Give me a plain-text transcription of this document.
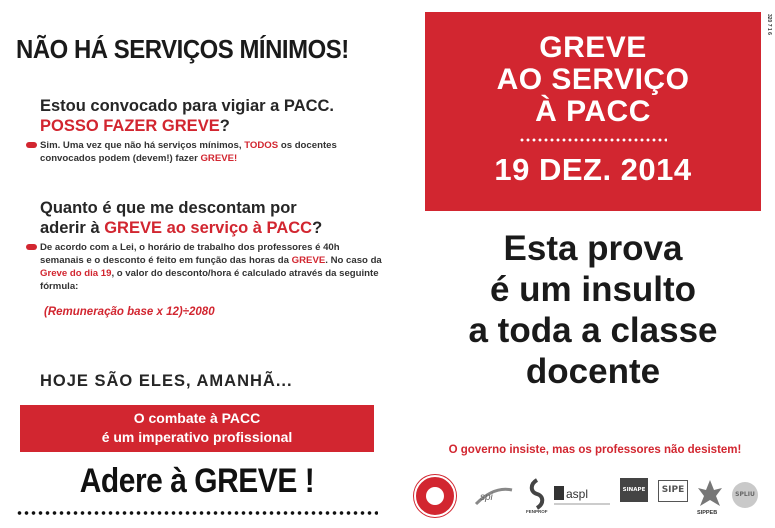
NÃO HÁ SERVIÇOS MÍNIMOS!
Estou convocado para vigiar a PACC.
POSSO FAZER GREVE?
Sim. Uma vez que não há serviços mínimos, TODOS os docentes convocados podem (devem!) fazer GREVE!
Quanto é que me descontam por
aderir à GREVE ao serviço à PACC?
De acordo com a Lei, o horário de trabalho dos professores é 40h semanais e o desconto é feito em função das horas da GREVE. No caso da Greve do dia 19, o valor do desconto/hora é calculado através da seguinte fórmula:
(Remuneração base x 12)÷2080
HOJE SÃO ELES, AMANHÃ...
O combate à PACC
é um imperativo profissional
Adere à GREVE !
GREVE
AO SERVIÇO
À PACC
19 DEZ. 2014
320 7 1 6
Esta prova
é um insulto
a toda a classe
docente
O governo insiste, mas os professores não desistem!
spi
FENPROF
aspl	SINAPE	SIPE
SIPPEB
SPLIU
